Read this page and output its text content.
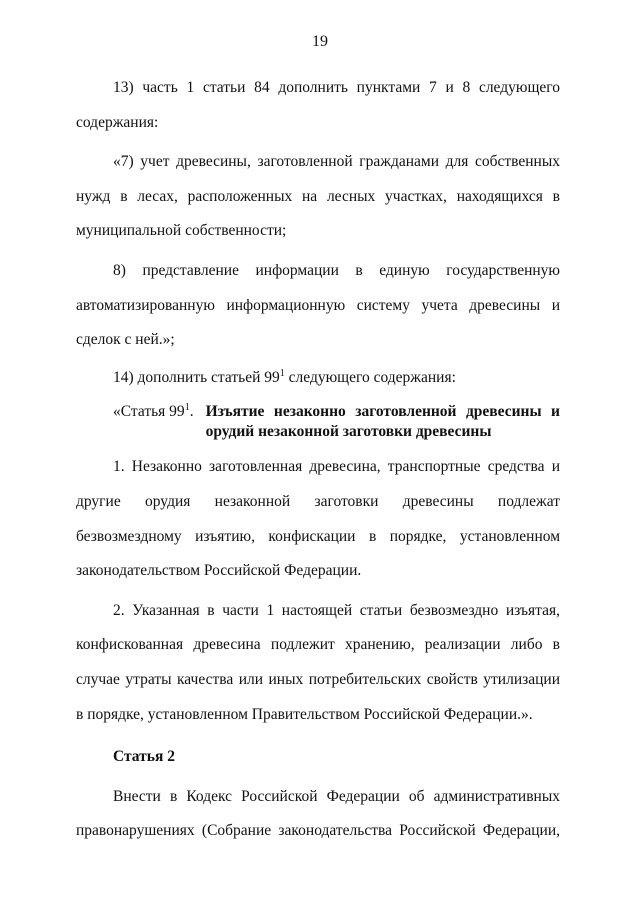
19

13) часть 1 статьи 84 дополнить пунктами 7 и 8 следующего содержания:

«7) учет древесины, заготовленной гражданами для собственных нужд в лесах, расположенных на лесных участках, находящихся в муниципальной собственности;

8) представление информации в единую государственную автоматизированную информационную систему учета древесины и сделок с ней.»;

14) дополнить статьей $99^1$ следующего содержания:

«Статья $99^1$. Изъятие незаконно заготовленной древесины и орудий незаконной заготовки древесины

1. Незаконно заготовленная древесина, транспортные средства и другие орудия незаконной заготовки древесины подлежат безвозмездному изъятию, конфискации в порядке, установленном законодательством Российской Федерации.

2. Указанная в части 1 настоящей статьи безвозмездно изъятая, конфискованная древесина подлежит хранению, реализации либо в случае утраты качества или иных потребительских свойств утилизации в порядке, установленном Правительством Российской Федерации.».

Статья 2

Внести в Кодекс Российской Федерации об административных правонарушениях (Собрание законодательства Российской Федерации,
